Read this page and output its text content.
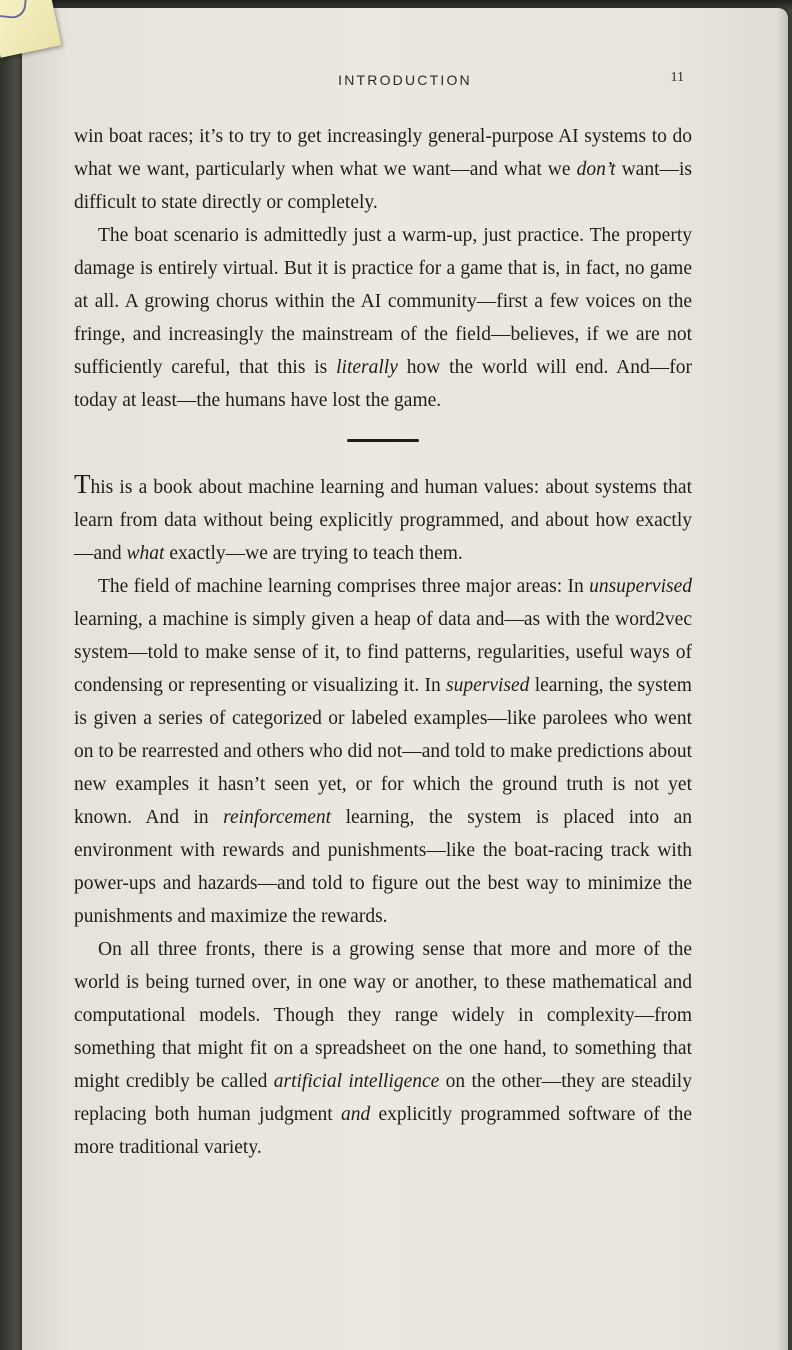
INTRODUCTION	11

win boat races; it’s to try to get increasingly general-purpose AI systems to do what we want, particularly when what we want—and what we don’t want—is difficult to state directly or completely.

The boat scenario is admittedly just a warm-up, just practice. The property damage is entirely virtual. But it is practice for a game that is, in fact, no game at all. A growing chorus within the AI community—first a few voices on the fringe, and increasingly the mainstream of the field—believes, if we are not sufficiently careful, that this is literally how the world will end. And—for today at least—the humans have lost the game.

This is a book about machine learning and human values: about systems that learn from data without being explicitly programmed, and about how exactly—and what exactly—we are trying to teach them.

The field of machine learning comprises three major areas: In unsupervised learning, a machine is simply given a heap of data and—as with the word2vec system—told to make sense of it, to find patterns, regularities, useful ways of condensing or representing or visualizing it. In supervised learning, the system is given a series of categorized or labeled examples—like parolees who went on to be rearrested and others who did not—and told to make predictions about new examples it hasn’t seen yet, or for which the ground truth is not yet known. And in reinforcement learning, the system is placed into an environment with rewards and punishments—like the boat-racing track with power-ups and hazards—and told to figure out the best way to minimize the punishments and maximize the rewards.

On all three fronts, there is a growing sense that more and more of the world is being turned over, in one way or another, to these mathematical and computational models. Though they range widely in complexity—from something that might fit on a spreadsheet on the one hand, to something that might credibly be called artificial intelligence on the other—they are steadily replacing both human judgment and explicitly programmed software of the more traditional variety.
